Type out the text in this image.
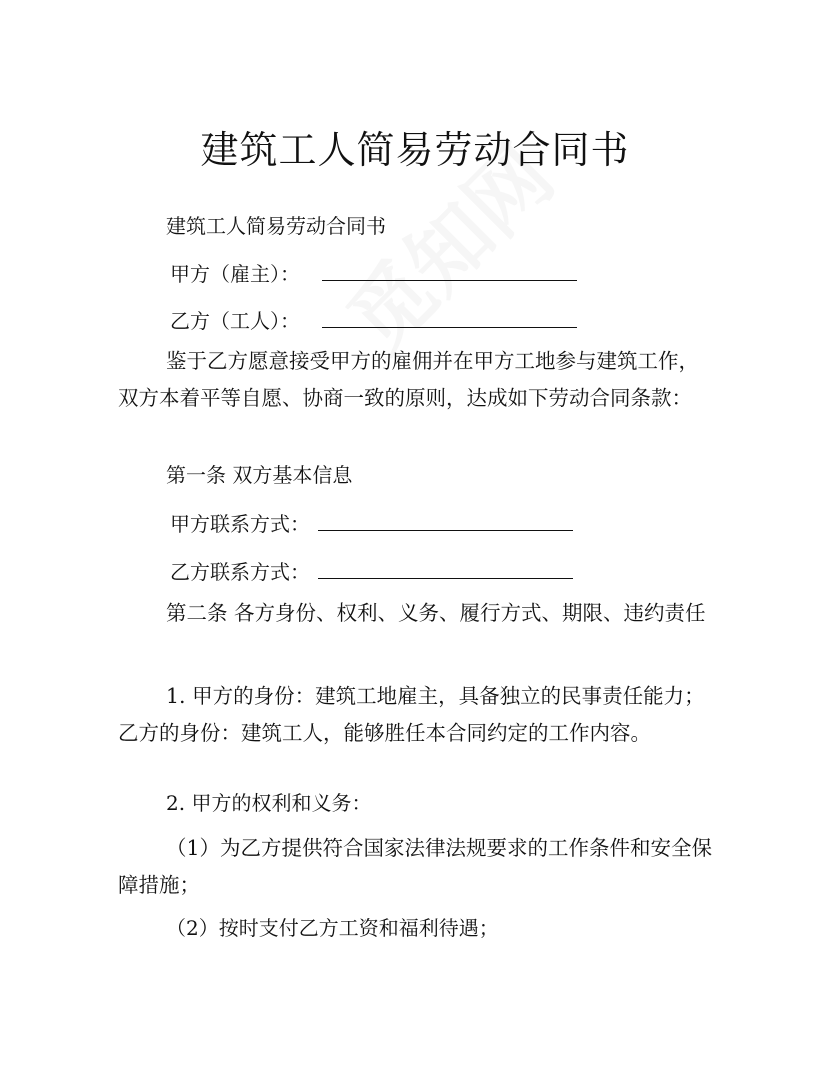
建筑工人简易劳动合同书
建筑工人简易劳动合同书
甲方（雇主）：
乙方（工人）：
鉴于乙方愿意接受甲方的雇佣并在甲方工地参与建筑工作，双方本着平等自愿、协商一致的原则，达成如下劳动合同条款：
第一条 双方基本信息
甲方联系方式：
乙方联系方式：
第二条 各方身份、权利、义务、履行方式、期限、违约责任
1. 甲方的身份：建筑工地雇主，具备独立的民事责任能力；乙方的身份：建筑工人，能够胜任本合同约定的工作内容。
2. 甲方的权利和义务：
（1）为乙方提供符合国家法律法规要求的工作条件和安全保障措施；
（2）按时支付乙方工资和福利待遇；
